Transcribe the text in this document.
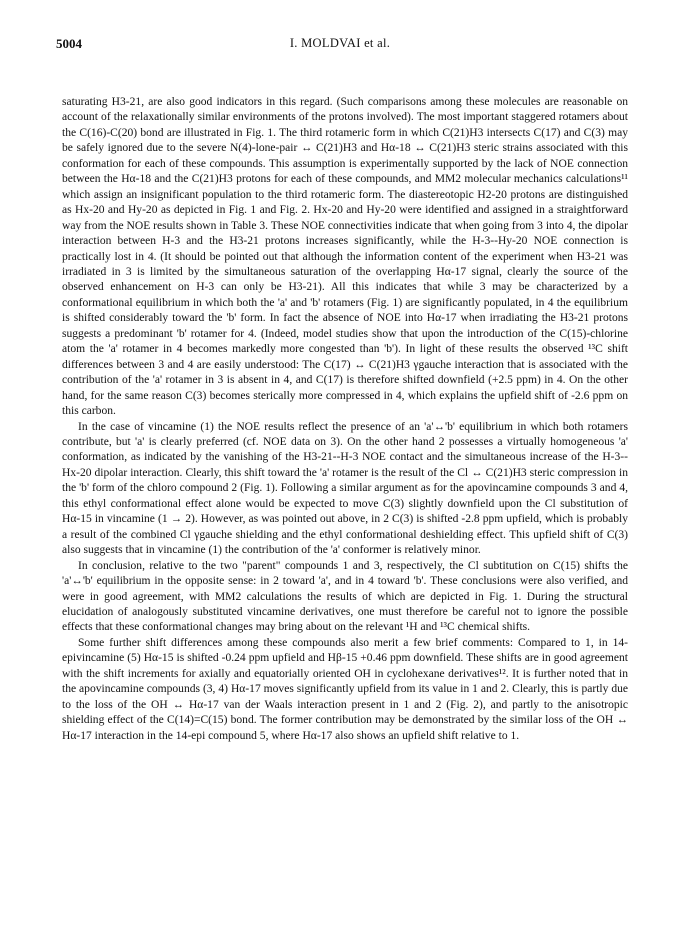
5004	I. MOLDVAI et al.

saturating H3-21, are also good indicators in this regard. (Such comparisons among these molecules are reasonable on account of the relaxationally similar environments of the protons involved). The most important staggered rotamers about the C(16)-C(20) bond are illustrated in Fig. 1. The third rotameric form in which C(21)H3 intersects C(17) and C(3) may be safely ignored due to the severe N(4)-lone-pair ↔ C(21)H3 and Hα-18 ↔ C(21)H3 steric strains associated with this conformation for each of these compounds. This assumption is experimentally supported by the lack of NOE connection between the Hα-18 and the C(21)H3 protons for each of these compounds, and MM2 molecular mechanics calculations¹¹ which assign an insignificant population to the third rotameric form. The diastereotopic H2-20 protons are distinguished as Hx-20 and Hy-20 as depicted in Fig. 1 and Fig. 2. Hx-20 and Hy-20 were identified and assigned in a straightforward way from the NOE results shown in Table 3. These NOE connectivities indicate that when going from 3 into 4, the dipolar interaction between H-3 and the H3-21 protons increases significantly, while the H-3--Hy-20 NOE connection is practically lost in 4. (It should be pointed out that although the information content of the experiment when H3-21 was irradiated in 3 is limited by the simultaneous saturation of the overlapping Hα-17 signal, clearly the source of the observed enhancement on H-3 can only be H3-21). All this indicates that while 3 may be characterized by a conformational equilibrium in which both the 'a' and 'b' rotamers (Fig. 1) are significantly populated, in 4 the equilibrium is shifted considerably toward the 'b' form. In fact the absence of NOE into Hα-17 when irradiating the H3-21 protons suggests a predominant 'b' rotamer for 4. (Indeed, model studies show that upon the introduction of the C(15)-chlorine atom the 'a' rotamer in 4 becomes markedly more congested than 'b'). In light of these results the observed ¹³C shift differences between 3 and 4 are easily understood: The C(17) ↔ C(21)H3 γgauche interaction that is associated with the contribution of the 'a' rotamer in 3 is absent in 4, and C(17) is therefore shifted downfield (+2.5 ppm) in 4. On the other hand, for the same reason C(3) becomes sterically more compressed in 4, which explains the upfield shift of -2.6 ppm on this carbon.

In the case of vincamine (1) the NOE results reflect the presence of an 'a'↔'b' equilibrium in which both rotamers contribute, but 'a' is clearly preferred (cf. NOE data on 3). On the other hand 2 possesses a virtually homogeneous 'a' conformation, as indicated by the vanishing of the H3-21--H-3 NOE contact and the simultaneous increase of the H-3--Hx-20 dipolar interaction. Clearly, this shift toward the 'a' rotamer is the result of the Cl ↔ C(21)H3 steric compression in the 'b' form of the chloro compound 2 (Fig. 1). Following a similar argument as for the apovincamine compounds 3 and 4, this ethyl conformational effect alone would be expected to move C(3) slightly downfield upon the Cl substitution of Hα-15 in vincamine (1 → 2). However, as was pointed out above, in 2 C(3) is shifted -2.8 ppm upfield, which is probably a result of the combined Cl γgauche shielding and the ethyl conformational deshielding effect. This upfield shift of C(3) also suggests that in vincamine (1) the contribution of the 'a' conformer is relatively minor.

In conclusion, relative to the two "parent" compounds 1 and 3, respectively, the Cl subtitution on C(15) shifts the 'a'↔'b' equilibrium in the opposite sense: in 2 toward 'a', and in 4 toward 'b'. These conclusions were also verified, and were in good agreement, with MM2 calculations the results of which are depicted in Fig. 1. During the structural elucidation of analogously substituted vincamine derivatives, one must therefore be careful not to ignore the possible effects that these conformational changes may bring about on the relevant ¹H and ¹³C chemical shifts.

Some further shift differences among these compounds also merit a few brief comments: Compared to 1, in 14-epivincamine (5) Hα-15 is shifted -0.24 ppm upfield and Hβ-15 +0.46 ppm downfield. These shifts are in good agreement with the shift increments for axially and equatorially oriented OH in cyclohexane derivatives¹². It is further noted that in the apovincamine compounds (3, 4) Hα-17 moves significantly upfield from its value in 1 and 2. Clearly, this is partly due to the loss of the OH ↔ Hα-17 van der Waals interaction present in 1 and 2 (Fig. 2), and partly to the anisotropic shielding effect of the C(14)=C(15) bond. The former contribution may be demonstrated by the similar loss of the OH ↔ Hα-17 interaction in the 14-epi compound 5, where Hα-17 also shows an upfield shift relative to 1.
